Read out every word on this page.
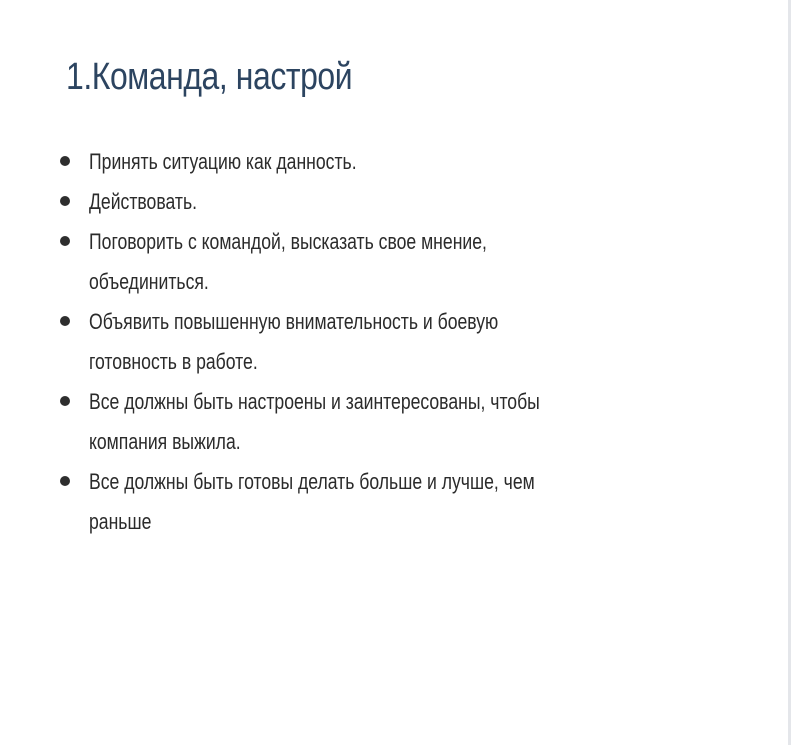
1.Команда, настрой
Принять ситуацию как данность.
Действовать.
Поговорить с командой, высказать свое мнение,
объединиться.
Объявить повышенную внимательность и боевую
готовность в работе.
Все должны быть настроены и заинтересованы, чтобы
компания выжила.
Все должны быть готовы делать больше и лучше, чем
раньше
